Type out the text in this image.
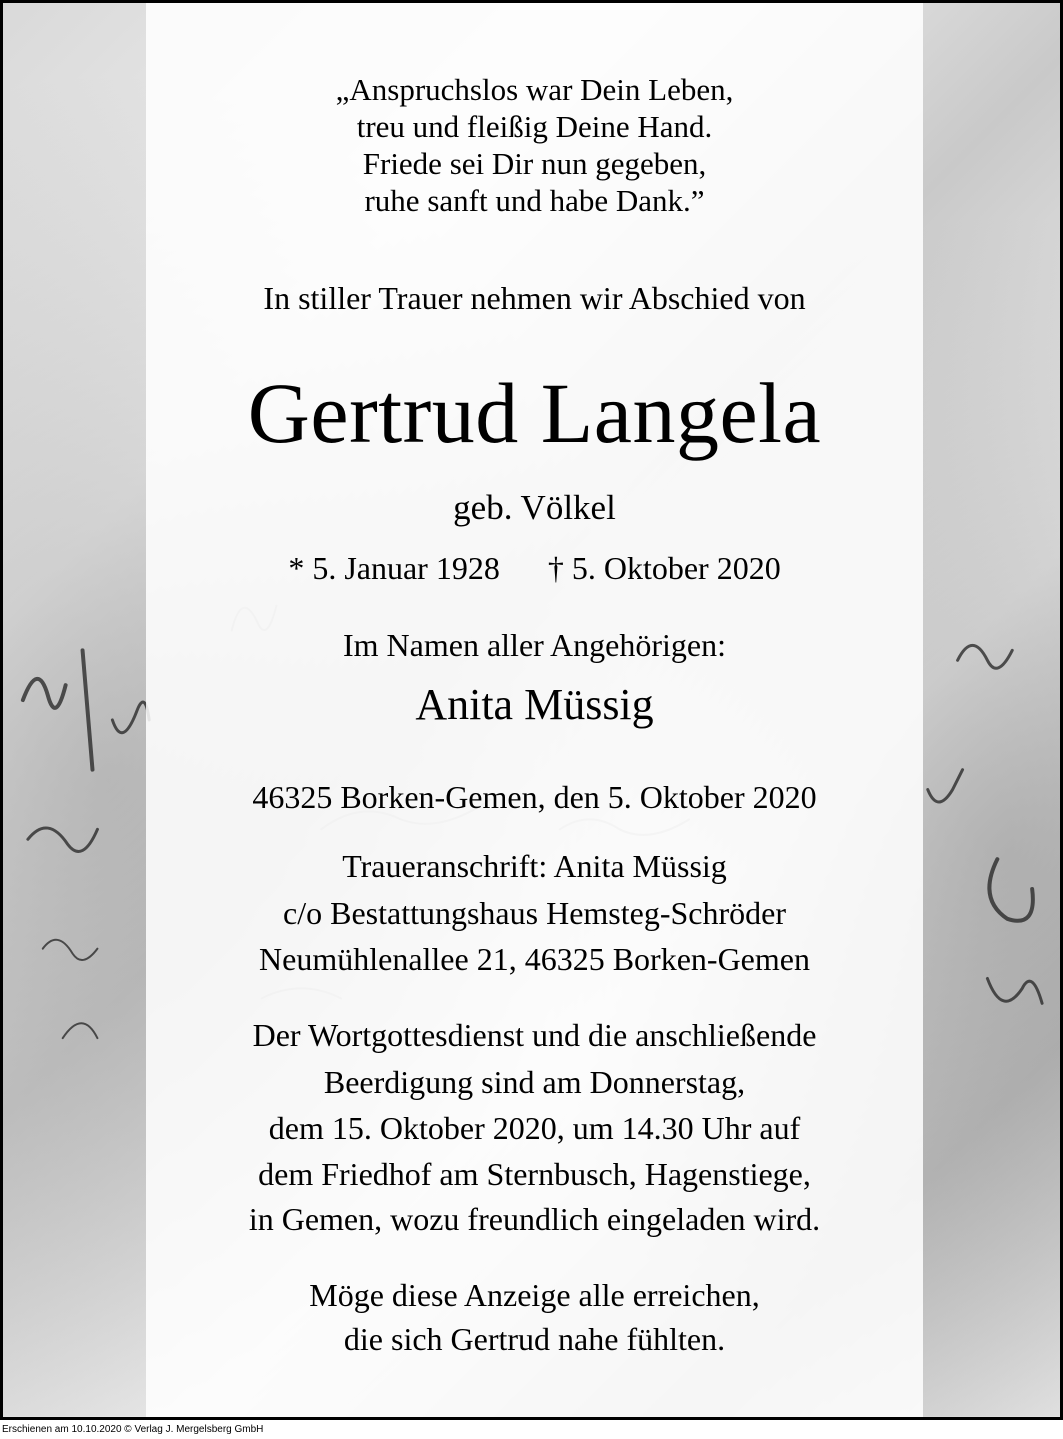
„Anspruchslos war Dein Leben,
treu und fleißig Deine Hand.
Friede sei Dir nun gegeben,
ruhe sanft und habe Dank.”
In stiller Trauer nehmen wir Abschied von
Gertrud Langela
geb. Völkel
* 5. Januar 1928 † 5. Oktober 2020
Im Namen aller Angehörigen:
Anita Müssig
46325 Borken-Gemen, den 5. Oktober 2020
Traueranschrift: Anita Müssig
c/o Bestattungshaus Hemsteg-Schröder
Neumühlenallee 21, 46325 Borken-Gemen
Der Wortgottesdienst und die anschließende
Beerdigung sind am Donnerstag,
dem 15. Oktober 2020, um 14.30 Uhr auf
dem Friedhof am Sternbusch, Hagenstiege,
in Gemen, wozu freundlich eingeladen wird.
Möge diese Anzeige alle erreichen,
die sich Gertrud nahe fühlten.
Erschienen am 10.10.2020 © Verlag J. Mergelsberg GmbH
